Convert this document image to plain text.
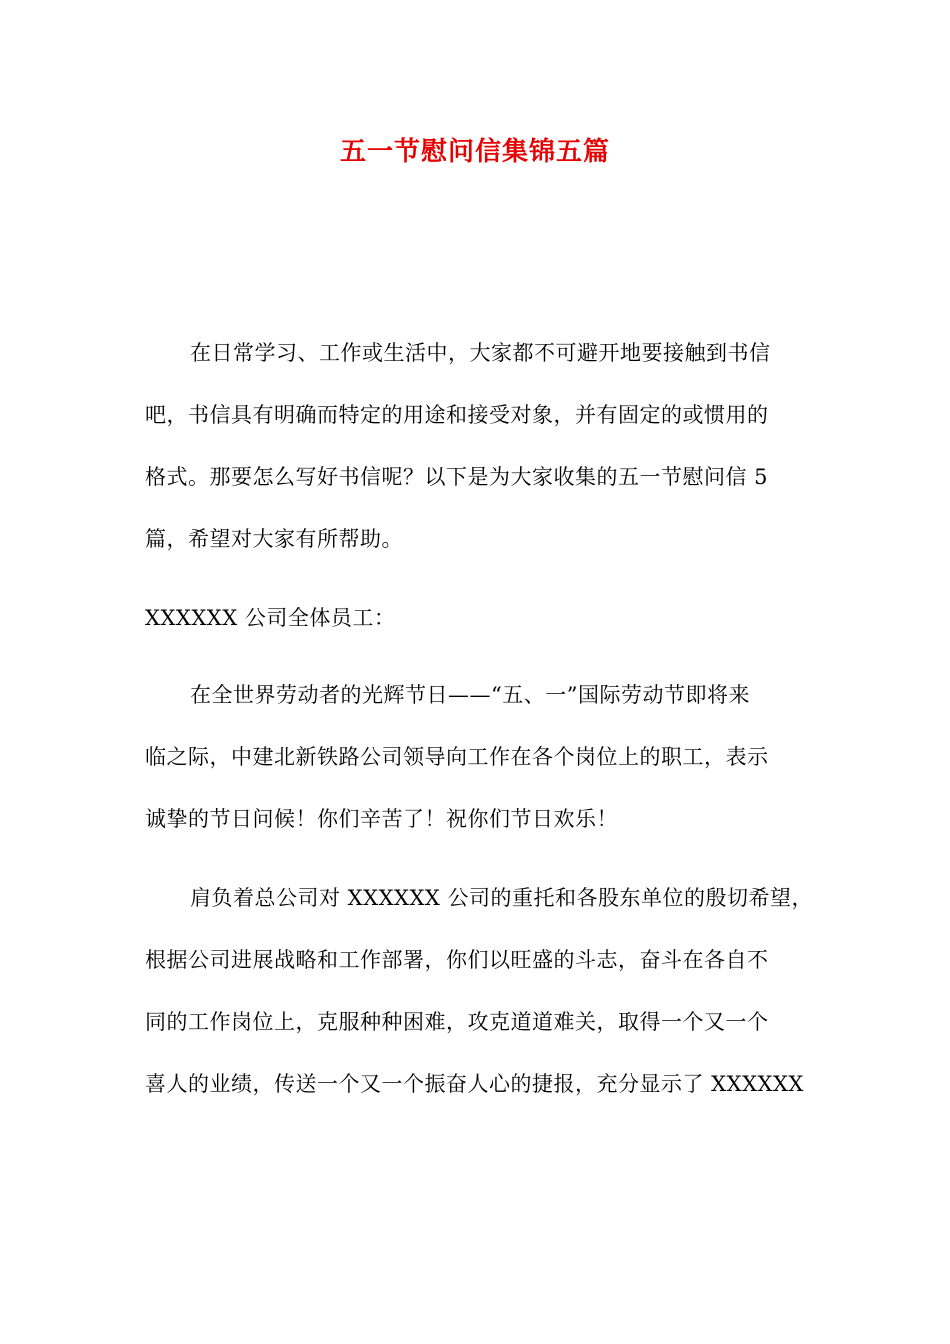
五一节慰问信集锦五篇
在日常学习、工作或生活中，大家都不可避开地要接触到书信
吧，书信具有明确而特定的用途和接受对象，并有固定的或惯用的
格式。那要怎么写好书信呢？以下是为大家收集的五一节慰问信 5
篇，希望对大家有所帮助。
XXXXXX 公司全体员工：
在全世界劳动者的光辉节日——“五、一”国际劳动节即将来
临之际，中建北新铁路公司领导向工作在各个岗位上的职工，表示
诚挚的节日问候！你们辛苦了！祝你们节日欢乐！
肩负着总公司对 XXXXXX 公司的重托和各股东单位的殷切希望，
根据公司进展战略和工作部署，你们以旺盛的斗志，奋斗在各自不
同的工作岗位上，克服种种困难，攻克道道难关，取得一个又一个
喜人的业绩，传送一个又一个振奋人心的捷报，充分显示了 XXXXXX
